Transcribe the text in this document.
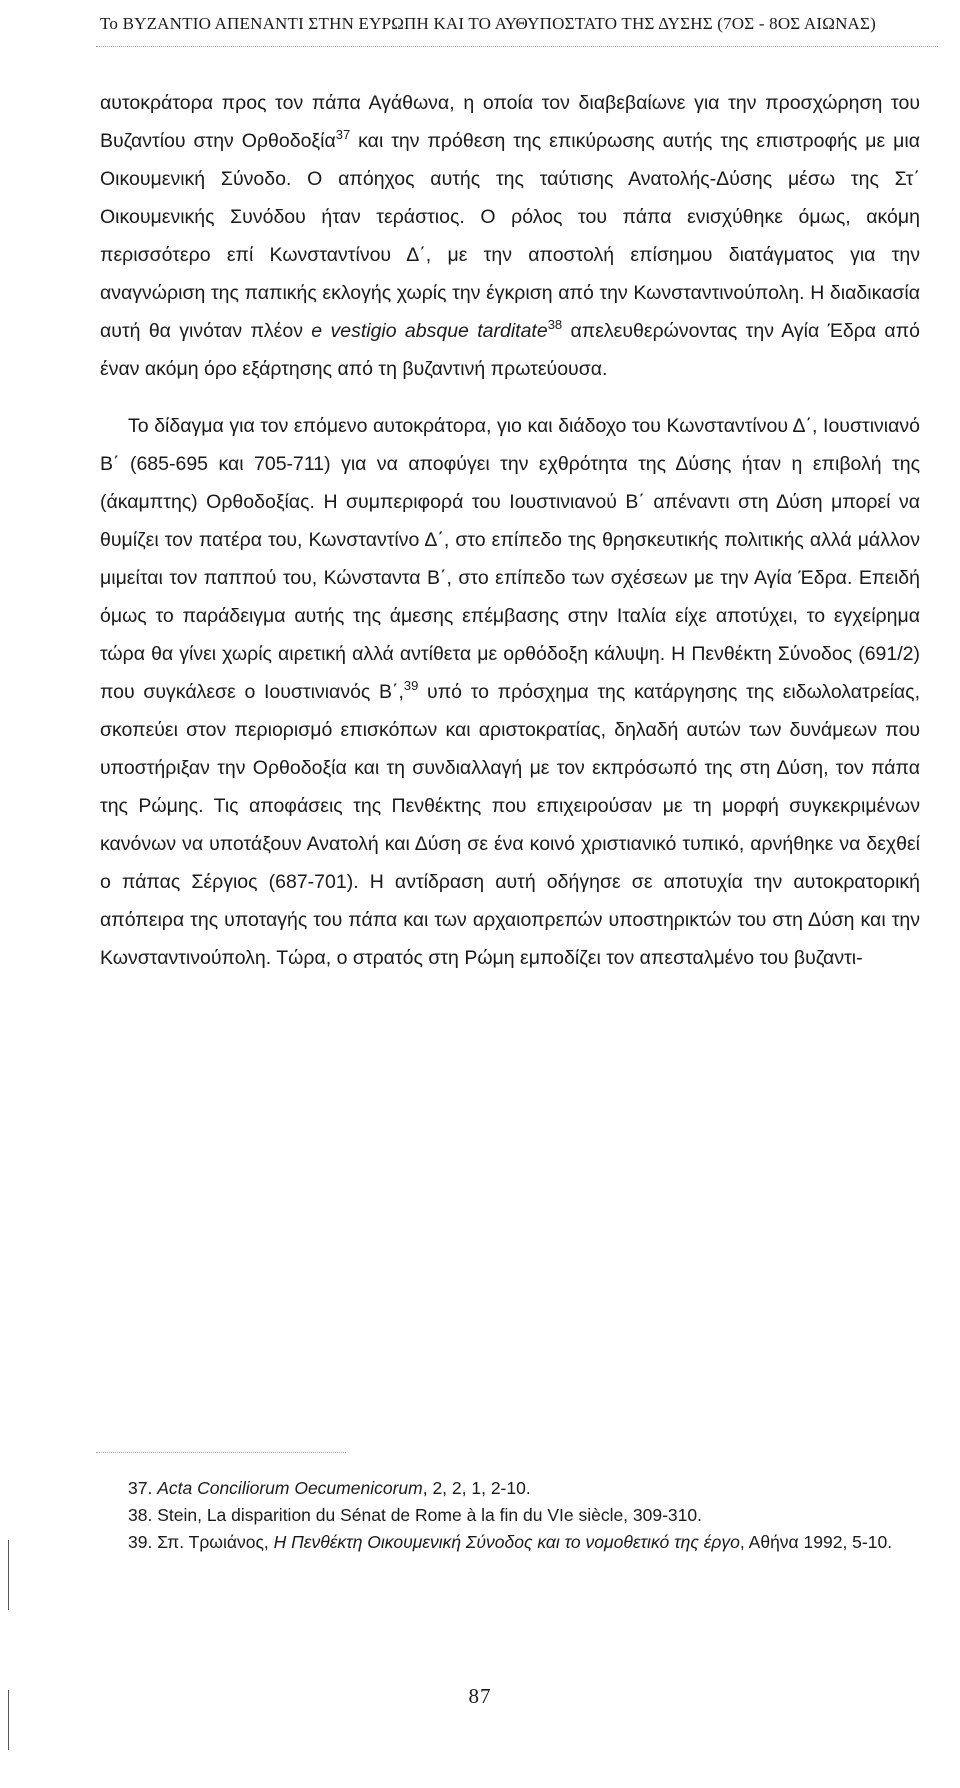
Το ΒΥΖΑΝΤΙΟ ΑΠΕΝΑΝΤΙ ΣΤΗΝ ΕΥΡΩΠΗ ΚΑΙ ΤΟ ΑΥΘΥΠΟΣΤΑΤΟ ΤΗΣ ΔΥΣΗΣ (7ΟΣ - 8ΟΣ ΑΙΩΝΑΣ)

αυτοκράτορα προς τον πάπα Αγάθωνα, η οποία τον διαβεβαίωνε για την προσχώρηση του Βυζαντίου στην Ορθοδοξία$^{37}$ και την πρόθεση της επικύρωσης αυτής της επιστροφής με μια Οικουμενική Σύνοδο. Ο απόηχος αυτής της ταύτισης Ανατολής-Δύσης μέσω της Στ΄ Οικουμενικής Συνόδου ήταν τεράστιος. Ο ρόλος του πάπα ενισχύθηκε όμως, ακόμη περισσότερο επί Κωνσταντίνου Δ΄, με την αποστολή επίσημου διατάγματος για την αναγνώριση της παπικής εκλογής χωρίς την έγκριση από την Κωνσταντινούπολη. Η διαδικασία αυτή θα γινόταν πλέον e vestigio absque tarditate$^{38}$ απελευθερώνοντας την Αγία Έδρα από έναν ακόμη όρο εξάρτησης από τη βυζαντινή πρωτεύουσα.

Το δίδαγμα για τον επόμενο αυτοκράτορα, γιο και διάδοχο του Κωνσταντίνου Δ΄, Ιουστινιανό Β΄ (685-695 και 705-711) για να αποφύγει την εχθρότητα της Δύσης ήταν η επιβολή της (άκαμπτης) Ορθοδοξίας. Η συμπεριφορά του Ιουστινιανού Β΄ απέναντι στη Δύση μπορεί να θυμίζει τον πατέρα του, Κωνσταντίνο Δ΄, στο επίπεδο της θρησκευτικής πολιτικής αλλά μάλλον μιμείται τον παππού του, Κώνσταντα Β΄, στο επίπεδο των σχέσεων με την Αγία Έδρα. Επειδή όμως το παράδειγμα αυτής της άμεσης επέμβασης στην Ιταλία είχε αποτύχει, το εγχείρημα τώρα θα γίνει χωρίς αιρετική αλλά αντίθετα με ορθόδοξη κάλυψη. Η Πενθέκτη Σύνοδος (691/2) που συγκάλεσε ο Ιουστινιανός Β΄,$^{39}$ υπό το πρόσχημα της κατάργησης της ειδωλολατρείας, σκοπεύει στον περιορισμό επισκόπων και αριστοκρατίας, δηλαδή αυτών των δυνάμεων που υποστήριξαν την Ορθοδοξία και τη συνδιαλλαγή με τον εκπρόσωπό της στη Δύση, τον πάπα της Ρώμης. Τις αποφάσεις της Πενθέκτης που επιχειρούσαν με τη μορφή συγκεκριμένων κανόνων να υποτάξουν Ανατολή και Δύση σε ένα κοινό χριστιανικό τυπικό, αρνήθηκε να δεχθεί ο πάπας Σέργιος (687-701). Η αντίδραση αυτή οδήγησε σε αποτυχία την αυτοκρατορική απόπειρα της υποταγής του πάπα και των αρχαιοπρεπών υποστηρικτών του στη Δύση και την Κωνσταντινούπολη. Τώρα, ο στρατός στη Ρώμη εμποδίζει τον απεσταλμένο του βυζαντι-

37. Acta Conciliorum Oecumenicorum, 2, 2, 1, 2-10.

38. Stein, La disparition du Sénat de Rome à la fin du VIe siècle, 309-310.

39. Σπ. Τρωιάνος, Η Πενθέκτη Οικουμενική Σύνοδος και το νομοθετικό της έργο, Αθήνα 1992, 5-10.

87
